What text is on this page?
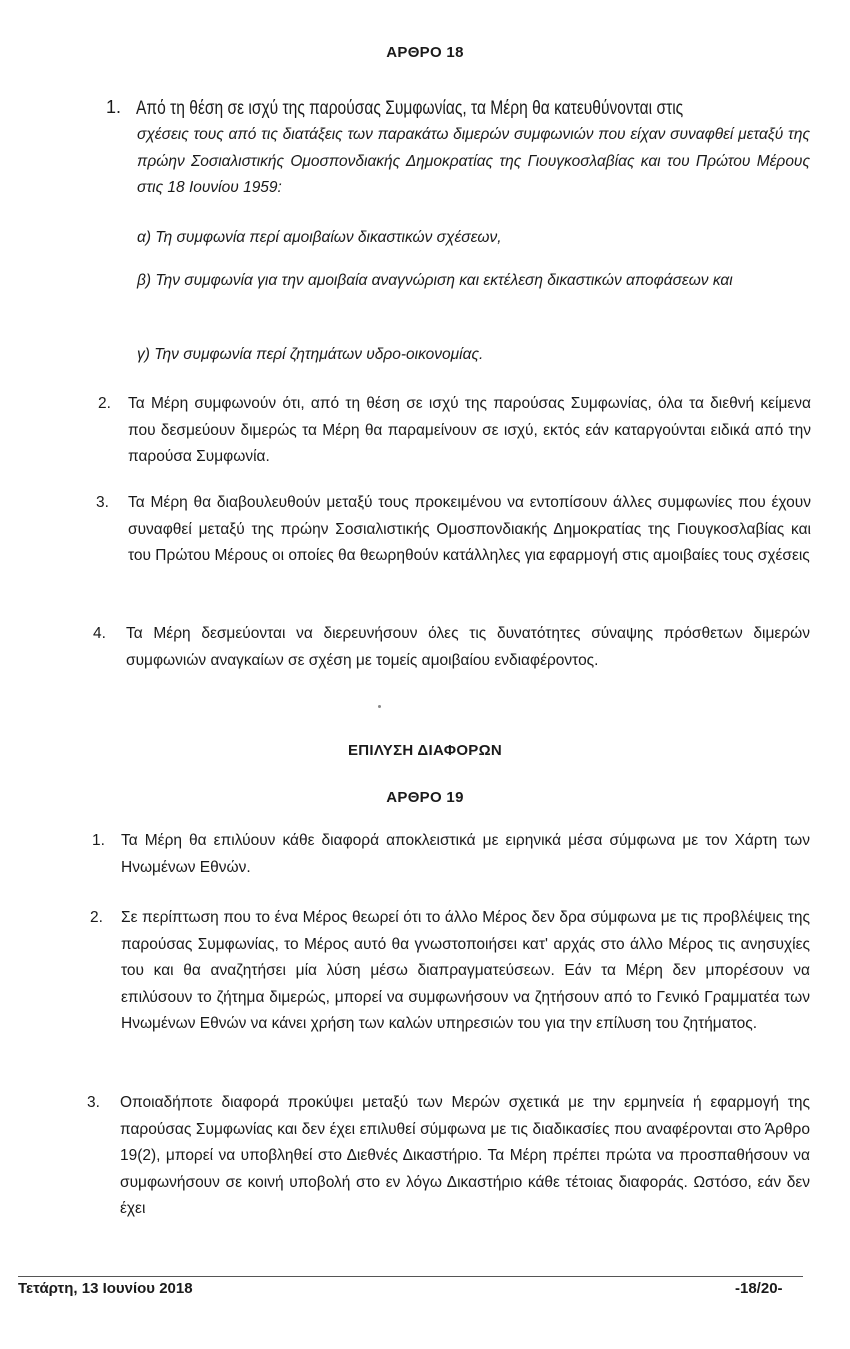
ΑΡΘΡΟ 18
1. Από τη θέση σε ισχύ της παρούσας Συμφωνίας, τα Μέρη θα κατευθύνονται στις
σχέσεις τους από τις διατάξεις των παρακάτω διμερών συμφωνιών που είχαν συναφθεί μεταξύ της πρώην Σοσιαλιστικής Ομοσπονδιακής Δημοκρατίας της Γιουγκοσλαβίας και του Πρώτου Μέρους στις 18 Ιουνίου 1959:
α) Τη συμφωνία περί αμοιβαίων δικαστικών σχέσεων,
β) Την συμφωνία για την αμοιβαία αναγνώριση και εκτέλεση δικαστικών αποφάσεων και
γ) Την συμφωνία περί ζητημάτων υδρο-οικονομίας.
2. Τα Μέρη συμφωνούν ότι, από τη θέση σε ισχύ της παρούσας Συμφωνίας, όλα τα διεθνή κείμενα που δεσμεύουν διμερώς τα Μέρη θα παραμείνουν σε ισχύ, εκτός εάν καταργούνται ειδικά από την παρούσα Συμφωνία.
3. Τα Μέρη θα διαβουλευθούν μεταξύ τους προκειμένου να εντοπίσουν άλλες συμφωνίες που έχουν συναφθεί μεταξύ της πρώην Σοσιαλιστικής Ομοσπονδιακής Δημοκρατίας της Γιουγκοσλαβίας και του Πρώτου Μέρους οι οποίες θα θεωρηθούν κατάλληλες για εφαρμογή στις αμοιβαίες τους σχέσεις
4. Τα Μέρη δεσμεύονται να διερευνήσουν όλες τις δυνατότητες σύναψης πρόσθετων διμερών συμφωνιών αναγκαίων σε σχέση με τομείς αμοιβαίου ενδιαφέροντος.
ΕΠΙΛΥΣΗ ΔΙΑΦΟΡΩΝ
ΑΡΘΡΟ 19
1. Τα Μέρη θα επιλύουν κάθε διαφορά αποκλειστικά με ειρηνικά μέσα σύμφωνα με τον Χάρτη των Ηνωμένων Εθνών.
2. Σε περίπτωση που το ένα Μέρος θεωρεί ότι το άλλο Μέρος δεν δρα σύμφωνα με τις προβλέψεις της παρούσας Συμφωνίας, το Μέρος αυτό θα γνωστοποιήσει κατ' αρχάς στο άλλο Μέρος τις ανησυχίες του και θα αναζητήσει μία λύση μέσω διαπραγματεύσεων. Εάν τα Μέρη δεν μπορέσουν να επιλύσουν το ζήτημα διμερώς, μπορεί να συμφωνήσουν να ζητήσουν από το Γενικό Γραμματέα των Ηνωμένων Εθνών να κάνει χρήση των καλών υπηρεσιών του για την επίλυση του ζητήματος.
3. Οποιαδήποτε διαφορά προκύψει μεταξύ των Μερών σχετικά με την ερμηνεία ή εφαρμογή της παρούσας Συμφωνίας και δεν έχει επιλυθεί σύμφωνα με τις διαδικασίες που αναφέρονται στο Άρθρο 19(2), μπορεί να υποβληθεί στο Διεθνές Δικαστήριο. Τα Μέρη πρέπει πρώτα να προσπαθήσουν να συμφωνήσουν σε κοινή υποβολή στο εν λόγω Δικαστήριο κάθε τέτοιας διαφοράς. Ωστόσο, εάν δεν έχει
Τετάρτη, 13 Ιουνίου 2018	-18/20-
